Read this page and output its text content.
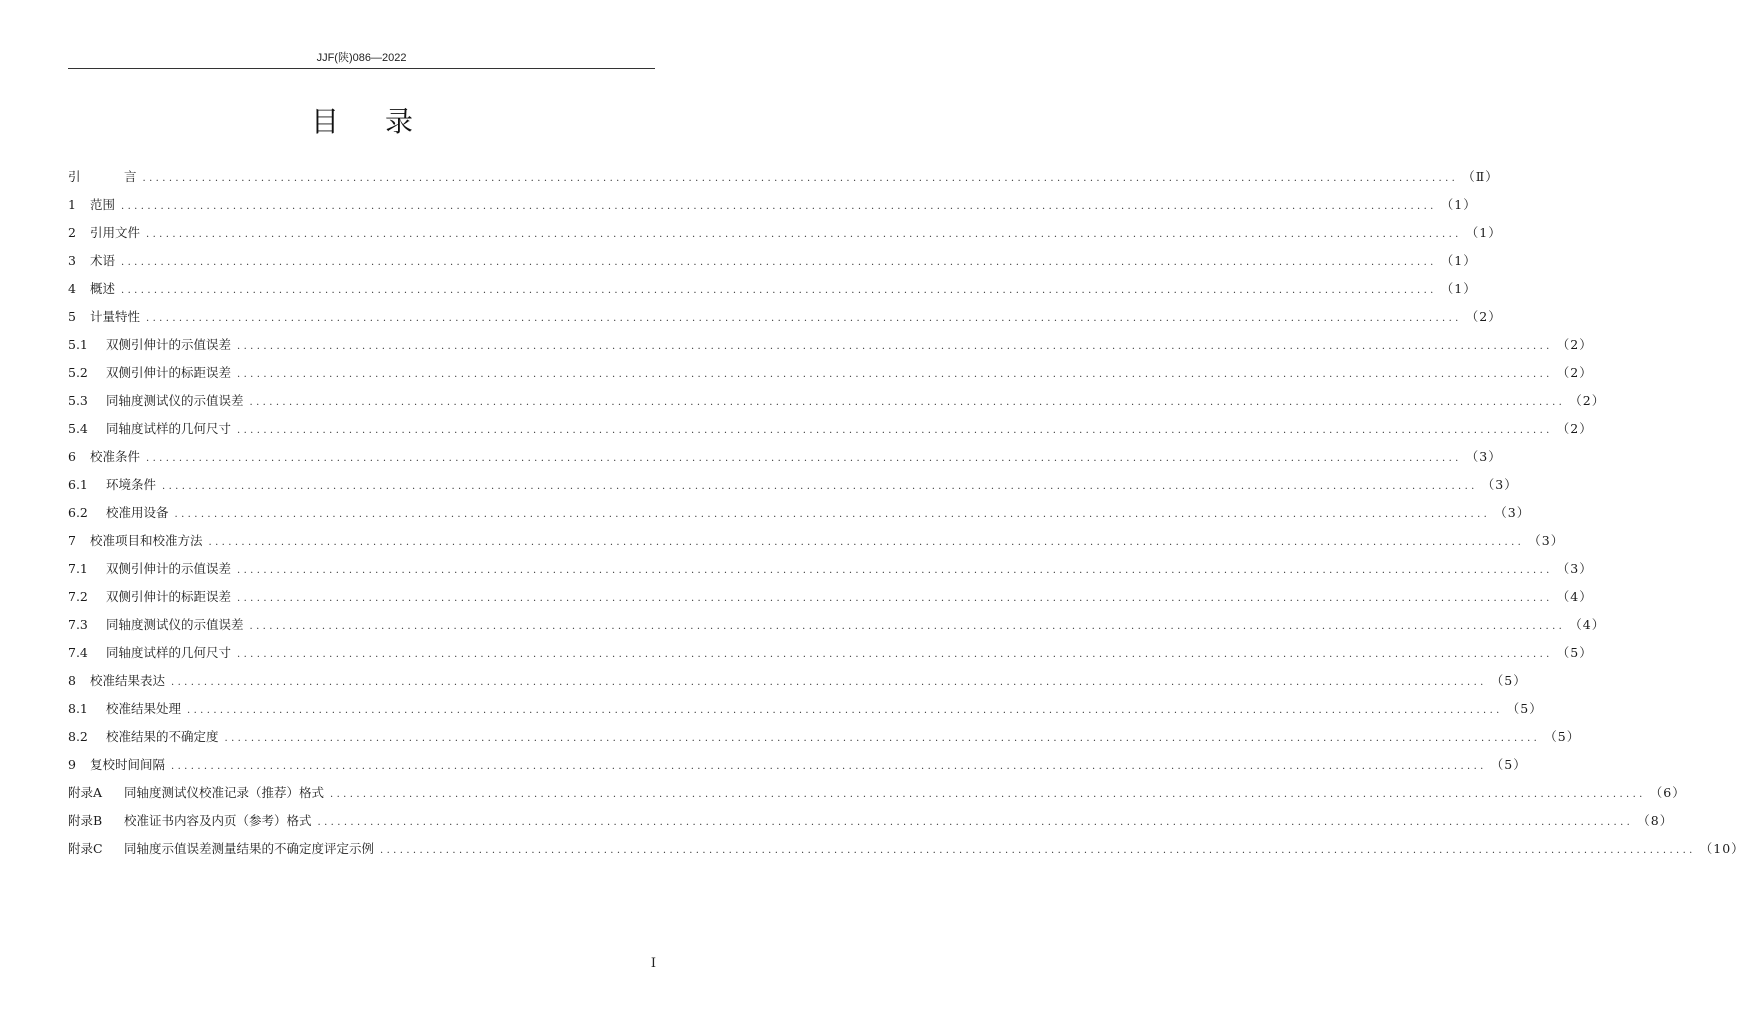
JJF(陕)086—2022
目录
引	言 ........................................................................................................................................................................................................ （Ⅱ）
1	范围 ........................................................................................................................................................................................................ （1）
2	引用文件 ........................................................................................................................................................................................................ （1）
3	术语 ........................................................................................................................................................................................................ （1）
4	概述 ........................................................................................................................................................................................................ （1）
5	计量特性 ........................................................................................................................................................................................................ （2）
5.1	双侧引伸计的示值误差 ........................................................................................................................................................................................................ （2）
5.2	双侧引伸计的标距误差 ........................................................................................................................................................................................................ （2）
5.3	同轴度测试仪的示值误差 ........................................................................................................................................................................................................ （2）
5.4	同轴度试样的几何尺寸 ........................................................................................................................................................................................................ （2）
6	校准条件 ........................................................................................................................................................................................................ （3）
6.1	环境条件 ........................................................................................................................................................................................................ （3）
6.2	校准用设备 ........................................................................................................................................................................................................ （3）
7	校准项目和校准方法 ........................................................................................................................................................................................................ （3）
7.1	双侧引伸计的示值误差 ........................................................................................................................................................................................................ （3）
7.2	双侧引伸计的标距误差 ........................................................................................................................................................................................................ （4）
7.3	同轴度测试仪的示值误差 ........................................................................................................................................................................................................ （4）
7.4	同轴度试样的几何尺寸 ........................................................................................................................................................................................................ （5）
8	校准结果表达 ........................................................................................................................................................................................................ （5）
8.1	校准结果处理 ........................................................................................................................................................................................................ （5）
8.2	校准结果的不确定度 ........................................................................................................................................................................................................ （5）
9	复校时间间隔 ........................................................................................................................................................................................................ （5）
附录A	同轴度测试仪校准记录（推荐）格式 ........................................................................................................................................................................................................ （6）
附录B	校准证书内容及内页（参考）格式 ........................................................................................................................................................................................................ （8）
附录C	同轴度示值误差测量结果的不确定度评定示例 ........................................................................................................................................................................................................ （10）
I
